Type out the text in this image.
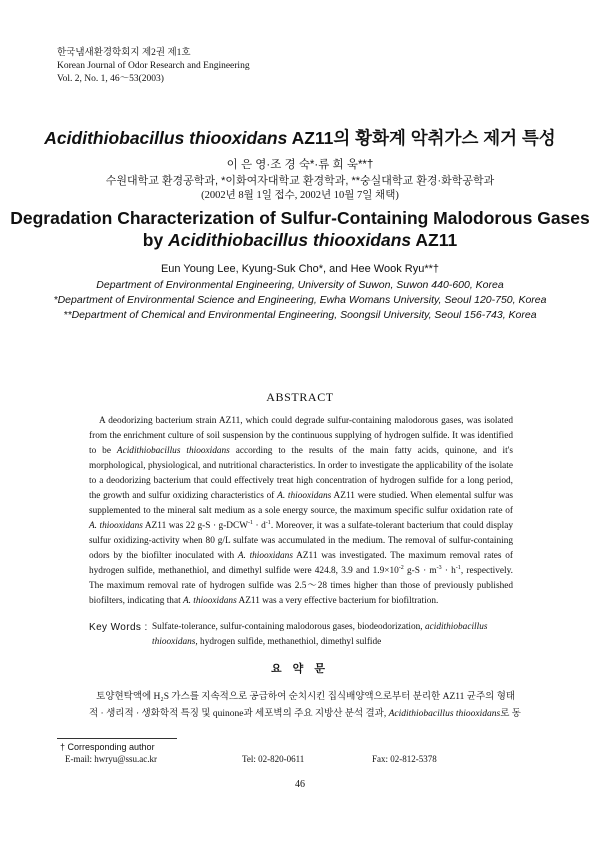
한국냄새환경학회지 제2권 제1호
Korean Journal of Odor Research and Engineering
Vol. 2, No. 1, 46～53(2003)
Acidithiobacillus thiooxidans AZ11의 황화계 악취가스 제거 특성
이 은 영·조 경 숙*·류 희 욱**†
수원대학교 환경공학과, *이화여자대학교 환경학과, **숭실대학교 환경·화학공학과
(2002년 8월 1일 접수, 2002년 10월 7일 채택)
Degradation Characterization of Sulfur-Containing Malodorous Gases
by Acidithiobacillus thiooxidans AZ11
Eun Young Lee, Kyung-Suk Cho*, and Hee Wook Ryu**†
Department of Environmental Engineering, University of Suwon, Suwon 440-600, Korea
*Department of Environmental Science and Engineering, Ewha Womans University, Seoul 120-750, Korea
**Department of Chemical and Environmental Engineering, Soongsil University, Seoul 156-743, Korea
ABSTRACT
A deodorizing bacterium strain AZ11, which could degrade sulfur-containing malodorous gases, was isolated from the enrichment culture of soil suspension by the continuous supplying of hydrogen sulfide. It was identified to be Acidithiobacillus thiooxidans according to the results of the main fatty acids, quinone, and it's morphological, physiological, and nutritional characteristics. In order to investigate the applicability of the isolate to a deodorizing bacterium that could effectively treat high concentration of hydrogen sulfide for a long period, the growth and sulfur oxidizing characteristics of A. thiooxidans AZ11 were studied. When elemental sulfur was supplemented to the mineral salt medium as a sole energy source, the maximum specific sulfur oxidation rate of A. thiooxidans AZ11 was 22 $g-S \cdot g-DCW^{-1} \cdot d^{-1}$. Moreover, it was a sulfate-tolerant bacterium that could display sulfur oxidizing-activity when 80 g/L sulfate was accumulated in the medium. The removal of sulfur-containing odors by the biofilter inoculated with A. thiooxidans AZ11 was investigated. The maximum removal rates of hydrogen sulfide, methanethiol, and dimethyl sulfide were 424.8, 3.9 and $1.9\times 10^{-2}$ $g-S \cdot m^{-3} \cdot h^{-1}$, respectively. The maximum removal rate of hydrogen sulfide was 2.5～28 times higher than those of previously published biofilters, indicating that A. thiooxidans AZ11 was a very effective bacterium for biofiltration.
Key Words : Sulfate-tolerance, sulfur-containing malodorous gases, biodeodorization, acidithiobacillus thiooxidans, hydrogen sulfide, methanethiol, dimethyl sulfide
요 약 문
토양현탁액에 H₂S 가스를 지속적으로 공급하여 순치시킨 집식배양액으로부터 분리한 AZ11 균주의 형태
적 · 생리적 · 생화학적 특징 및 quinone과 세포벽의 주요 지방산 분석 결과, Acidithiobacillus thiooxidans로 동
† Corresponding author
E-mail: hwryu@ssu.ac.kr	Tel: 02-820-0611	Fax: 02-812-5378
46
